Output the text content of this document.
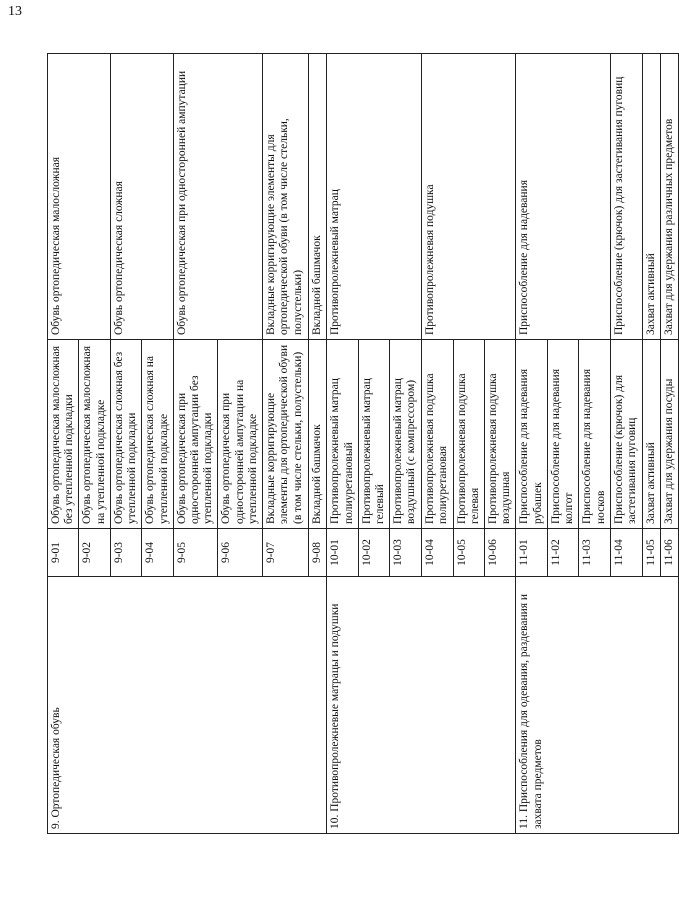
13
9. Ортопедическая обувь	9-01	Обувь ортопедическая малосложная без утепленной подкладки	Обувь ортопедическая малосложная
	9-02	Обувь ортопедическая малосложная на утепленной подкладке	
	9-03	Обувь ортопедическая сложная без утепленной подкладки	Обувь ортопедическая сложная
	9-04	Обувь ортопедическая сложная на утепленной подкладке	
	9-05	Обувь ортопедическая при односторонней ампутации без утепленной подкладки	Обувь ортопедическая при односторонней ампутации
	9-06	Обувь ортопедическая при односторонней ампутации на утепленной подкладке	
	9-07	Вкладные корригирующие элементы для ортопедической обуви (в том числе стельки, полустельки)	Вкладные корригирующие элементы для ортопедической обуви (в том числе стельки, полустельки)
	9-08	Вкладной башмачок	Вкладной башмачок

10. Противопролежневые матрацы и подушки	10-01	Противопролежневый матрац полиуретановый	Противопролежневый матрац
	10-02	Противопролежневый матрац гелевый	
	10-03	Противопролежневый матрац воздушный (с компрессором)	
	10-04	Противопролежневая подушка полиуретановая	Противопролежневая подушка
	10-05	Противопролежневая подушка гелевая	
	10-06	Противопролежневая подушка воздушная	

11. Приспособления для одевания, раздевания и захвата предметов	11-01	Приспособление для надевания рубашек	Приспособление для надевания
	11-02	Приспособление для надевания колгот	
	11-03	Приспособление для надевания носков	
	11-04	Приспособление (крючок) для застегивания пуговиц	Приспособление (крючок) для застегивания пуговиц
	11-05	Захват активный	Захват активный
	11-06	Захват для удержания посуды	Захват для удержания различных предметов
